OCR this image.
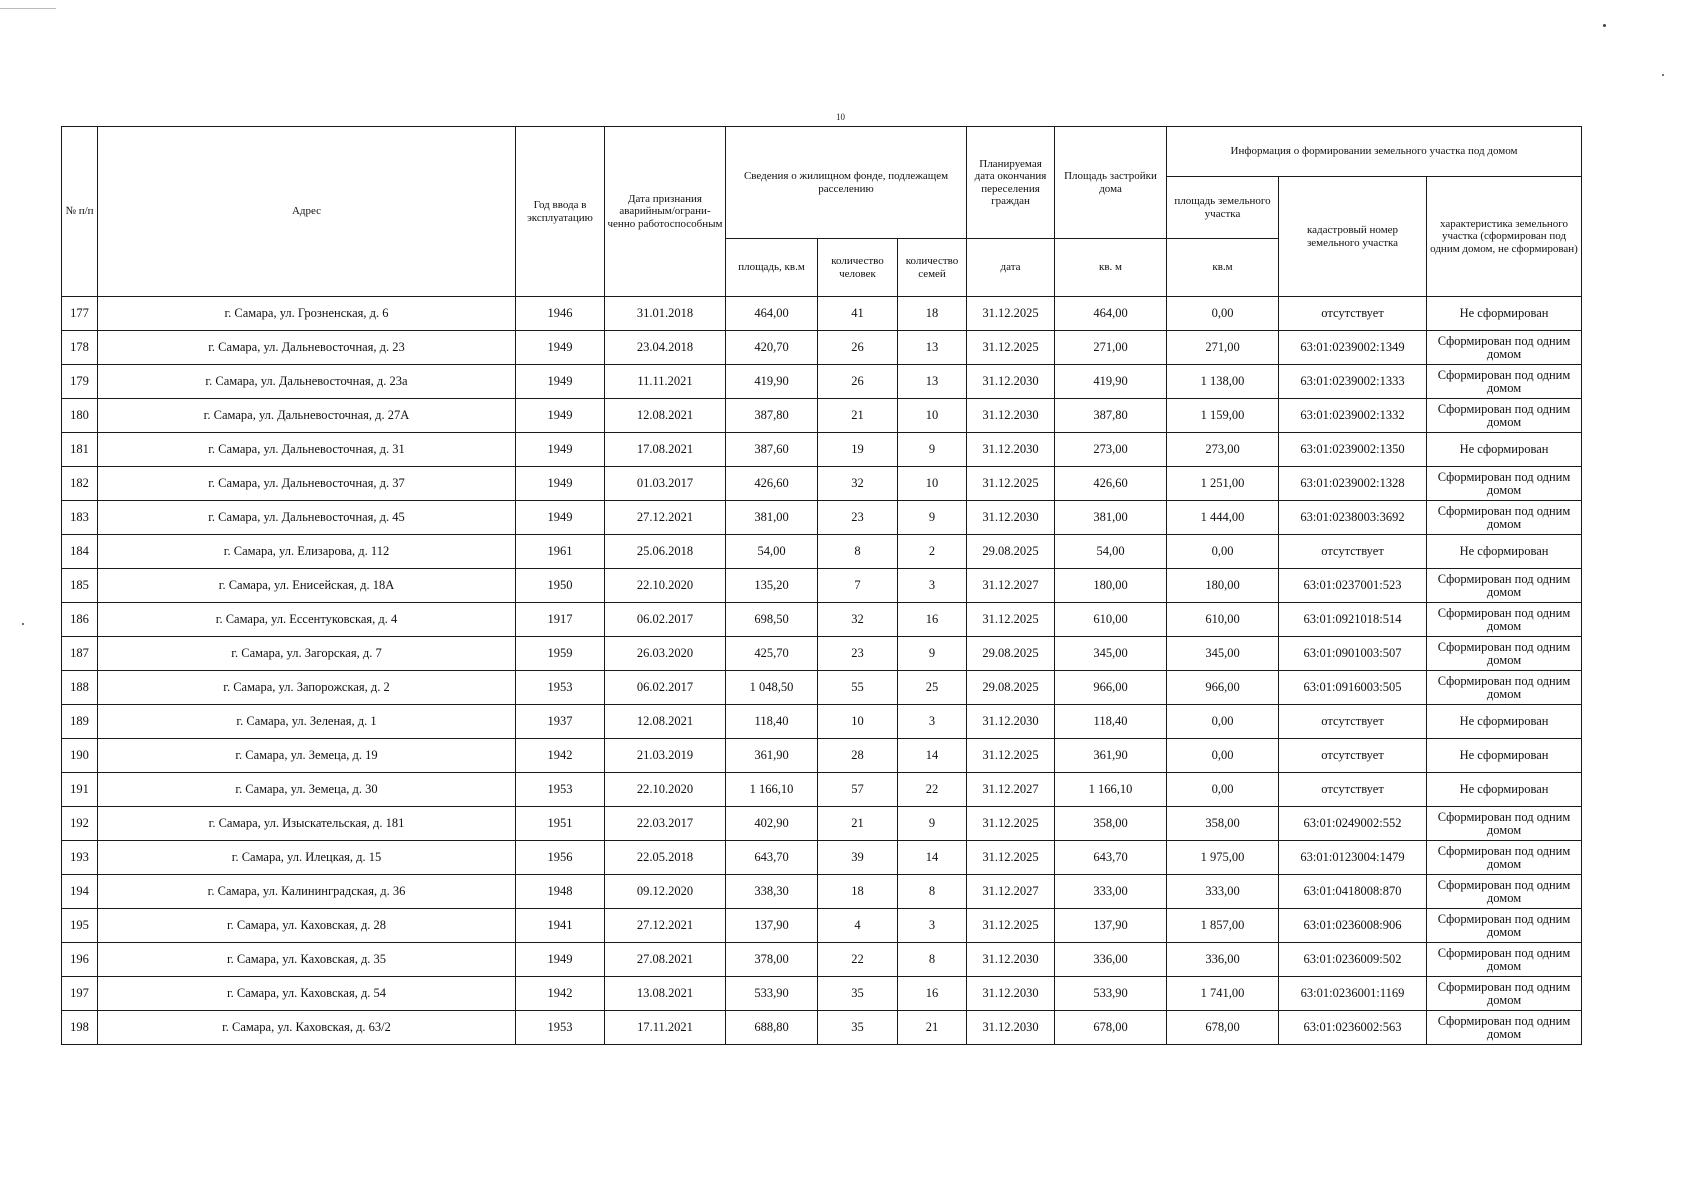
10
№ п/п	Адрес	Год ввода в эксплуатацию	Дата признания аварийным/ограни-ченно работоспособным	Сведения о жилищном фонде, подлежащем расселению			Планируемая дата окончания переселения граждан	Площадь застройки дома	Информация о формировании земельного участка под домом		
									площадь земельного участка	кадастровый номер земельного участка	характеристика земельного участка (сформирован под одним домом, не сформирован)
				площадь, кв.м	количество человек	количество семей	дата	кв. м	кв.м		
177	г. Самара, ул. Грозненская, д. 6	1946	31.01.2018	464,00	41	18	31.12.2025	464,00	0,00	отсутствует	Не сформирован
178	г. Самара, ул. Дальневосточная, д. 23	1949	23.04.2018	420,70	26	13	31.12.2025	271,00	271,00	63:01:0239002:1349	Сформирован под одним домом
179	г. Самара, ул. Дальневосточная, д. 23а	1949	11.11.2021	419,90	26	13	31.12.2030	419,90	1 138,00	63:01:0239002:1333	Сформирован под одним домом
180	г. Самара, ул. Дальневосточная, д. 27А	1949	12.08.2021	387,80	21	10	31.12.2030	387,80	1 159,00	63:01:0239002:1332	Сформирован под одним домом
181	г. Самара, ул. Дальневосточная, д. 31	1949	17.08.2021	387,60	19	9	31.12.2030	273,00	273,00	63:01:0239002:1350	Не сформирован
182	г. Самара, ул. Дальневосточная, д. 37	1949	01.03.2017	426,60	32	10	31.12.2025	426,60	1 251,00	63:01:0239002:1328	Сформирован под одним домом
183	г. Самара, ул. Дальневосточная, д. 45	1949	27.12.2021	381,00	23	9	31.12.2030	381,00	1 444,00	63:01:0238003:3692	Сформирован под одним домом
184	г. Самара, ул. Елизарова, д. 112	1961	25.06.2018	54,00	8	2	29.08.2025	54,00	0,00	отсутствует	Не сформирован
185	г. Самара, ул. Енисейская, д. 18А	1950	22.10.2020	135,20	7	3	31.12.2027	180,00	180,00	63:01:0237001:523	Сформирован под одним домом
186	г. Самара, ул. Ессентуковская, д. 4	1917	06.02.2017	698,50	32	16	31.12.2025	610,00	610,00	63:01:0921018:514	Сформирован под одним домом
187	г. Самара, ул. Загорская, д. 7	1959	26.03.2020	425,70	23	9	29.08.2025	345,00	345,00	63:01:0901003:507	Сформирован под одним домом
188	г. Самара, ул. Запорожская, д. 2	1953	06.02.2017	1 048,50	55	25	29.08.2025	966,00	966,00	63:01:0916003:505	Сформирован под одним домом
189	г. Самара, ул. Зеленая, д. 1	1937	12.08.2021	118,40	10	3	31.12.2030	118,40	0,00	отсутствует	Не сформирован
190	г. Самара, ул. Земеца, д. 19	1942	21.03.2019	361,90	28	14	31.12.2025	361,90	0,00	отсутствует	Не сформирован
191	г. Самара, ул. Земеца, д. 30	1953	22.10.2020	1 166,10	57	22	31.12.2027	1 166,10	0,00	отсутствует	Не сформирован
192	г. Самара, ул. Изыскательская, д. 181	1951	22.03.2017	402,90	21	9	31.12.2025	358,00	358,00	63:01:0249002:552	Сформирован под одним домом
193	г. Самара, ул. Илецкая, д. 15	1956	22.05.2018	643,70	39	14	31.12.2025	643,70	1 975,00	63:01:0123004:1479	Сформирован под одним домом
194	г. Самара, ул. Калининградская, д. 36	1948	09.12.2020	338,30	18	8	31.12.2027	333,00	333,00	63:01:0418008:870	Сформирован под одним домом
195	г. Самара, ул. Каховская, д. 28	1941	27.12.2021	137,90	4	3	31.12.2025	137,90	1 857,00	63:01:0236008:906	Сформирован под одним домом
196	г. Самара, ул. Каховская, д. 35	1949	27.08.2021	378,00	22	8	31.12.2030	336,00	336,00	63:01:0236009:502	Сформирован под одним домом
197	г. Самара, ул. Каховская, д. 54	1942	13.08.2021	533,90	35	16	31.12.2030	533,90	1 741,00	63:01:0236001:1169	Сформирован под одним домом
198	г. Самара, ул. Каховская, д. 63/2	1953	17.11.2021	688,80	35	21	31.12.2030	678,00	678,00	63:01:0236002:563	Сформирован под одним домом
